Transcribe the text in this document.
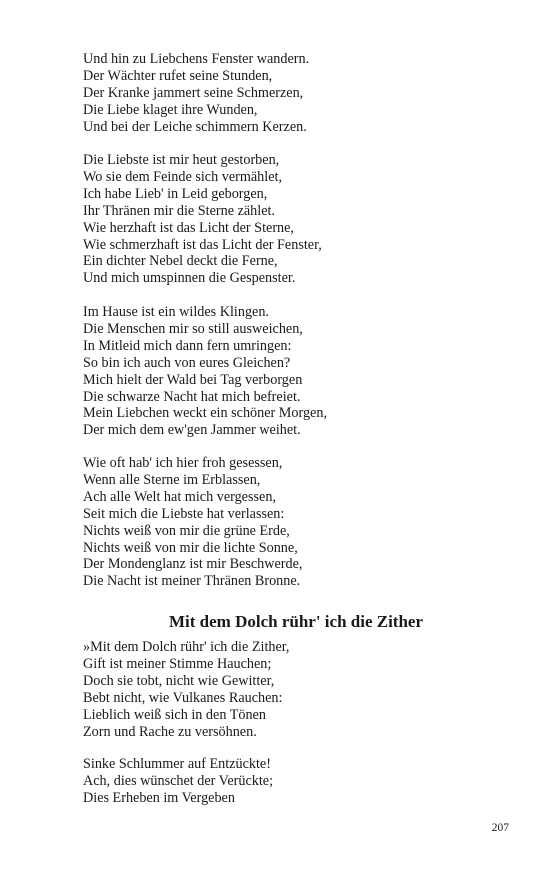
Und hin zu Liebchens Fenster wandern.
Der Wächter rufet seine Stunden,
Der Kranke jammert seine Schmerzen,
Die Liebe klaget ihre Wunden,
Und bei der Leiche schimmern Kerzen.
Die Liebste ist mir heut gestorben,
Wo sie dem Feinde sich vermählet,
Ich habe Lieb' in Leid geborgen,
Ihr Thränen mir die Sterne zählet.
Wie herzhaft ist das Licht der Sterne,
Wie schmerzhaft ist das Licht der Fenster,
Ein dichter Nebel deckt die Ferne,
Und mich umspinnen die Gespenster.
Im Hause ist ein wildes Klingen.
Die Menschen mir so still ausweichen,
In Mitleid mich dann fern umringen:
So bin ich auch von eures Gleichen?
Mich hielt der Wald bei Tag verborgen
Die schwarze Nacht hat mich befreiet.
Mein Liebchen weckt ein schöner Morgen,
Der mich dem ew'gen Jammer weihet.
Wie oft hab' ich hier froh gesessen,
Wenn alle Sterne im Erblassen,
Ach alle Welt hat mich vergessen,
Seit mich die Liebste hat verlassen:
Nichts weiß von mir die grüne Erde,
Nichts weiß von mir die lichte Sonne,
Der Mondenglanz ist mir Beschwerde,
Die Nacht ist meiner Thränen Bronne.
Mit dem Dolch rühr' ich die Zither
»Mit dem Dolch rühr' ich die Zither,
Gift ist meiner Stimme Hauchen;
Doch sie tobt, nicht wie Gewitter,
Bebt nicht, wie Vulkanes Rauchen:
Lieblich weiß sich in den Tönen
Zorn und Rache zu versöhnen.
Sinke Schlummer auf Entzückte!
Ach, dies wünschet der Verückte;
Dies Erheben im Vergeben
207
